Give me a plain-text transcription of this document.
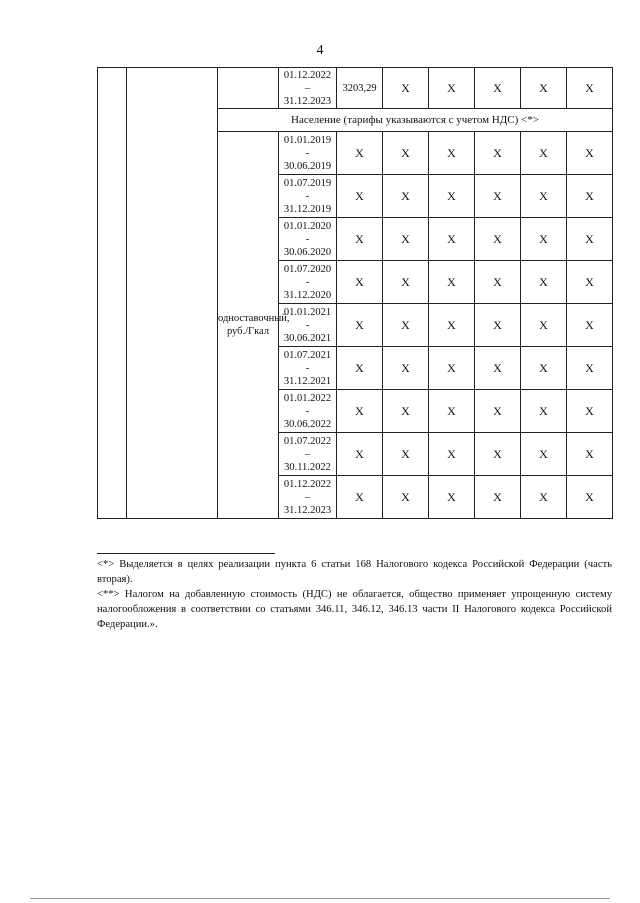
4

			01.12.2022
–
31.12.2023	3203,29	X	X	X	X	X
		Население (тарифы указываются с учетом НДС) <*>							
		одноставочный, руб./Гкал	01.01.2019
-
30.06.2019	X	X	X	X	X	X

			01.07.2019
-
31.12.2019	X	X	X	X	X	X

			01.01.2020
-
30.06.2020	X	X	X	X	X	X

			01.07.2020
-
31.12.2020	X	X	X	X	X	X

			01.01.2021
-
30.06.2021	X	X	X	X	X	X

			01.07.2021
-
31.12.2021	X	X	X	X	X	X

			01.01.2022
-
30.06.2022	X	X	X	X	X	X

			01.07.2022
–
30.11.2022	X	X	X	X	X	X

			01.12.2022
–
31.12.2023	X	X	X	X	X	X

<*> Выделяется в целях реализации пункта 6 статьи 168 Налогового кодекса Российской Федерации (часть вторая).

<**> Налогом на добавленную стоимость (НДС) не облагается, общество применяет упрощенную систему налогообложения в соответствии со статьями 346.11, 346.12, 346.13 части II Налогового кодекса Российской Федерации.».
